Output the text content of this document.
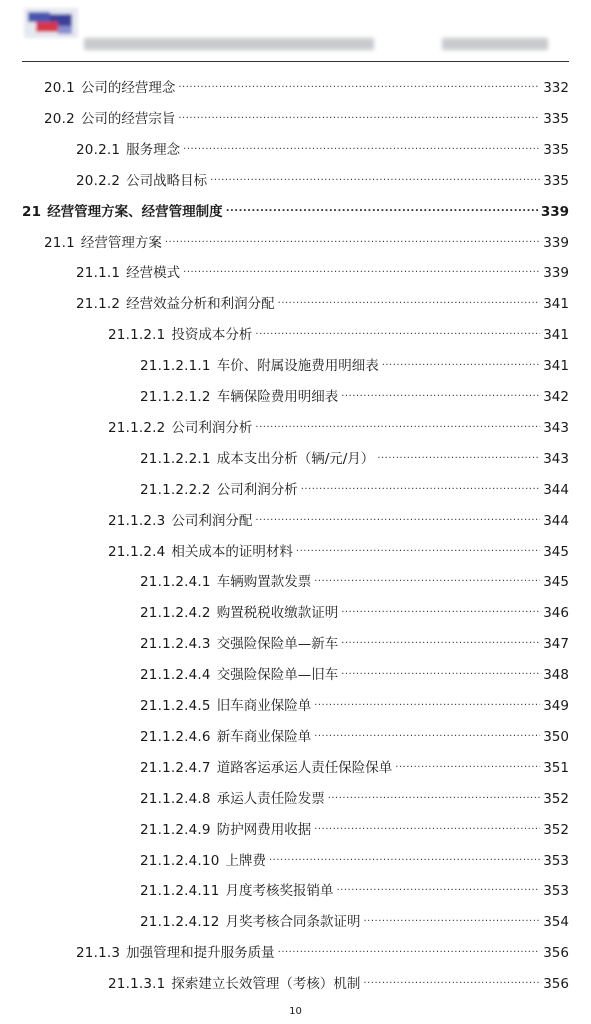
20.1 公司的经营理念 .....	332
20.2 公司的经营宗旨 .....	335
20.2.1 服务理念 .....	335
20.2.2 公司战略目标 .....	335
21 经营管理方案、经营管理制度 .....	339
21.1 经营管理方案 .....	339
21.1.1 经营模式 .....	339
21.1.2 经营效益分析和利润分配 .....	341
21.1.2.1 投资成本分析 .....	341
21.1.2.1.1 车价、附属设施费用明细表 .....	341
21.1.2.1.2 车辆保险费用明细表 .....	342
21.1.2.2 公司利润分析 .....	343
21.1.2.2.1 成本支出分析（辆/元/月） .....	343
21.1.2.2.2 公司利润分析 .....	344
21.1.2.3 公司利润分配 .....	344
21.1.2.4 相关成本的证明材料 .....	345
21.1.2.4.1 车辆购置款发票 .....	345
21.1.2.4.2 购置税税收缴款证明 .....	346
21.1.2.4.3 交强险保险单—新车 .....	347
21.1.2.4.4 交强险保险单—旧车 .....	348
21.1.2.4.5 旧车商业保险单 .....	349
21.1.2.4.6 新车商业保险单 .....	350
21.1.2.4.7 道路客运承运人责任保险保单 .....	351
21.1.2.4.8 承运人责任险发票 .....	352
21.1.2.4.9 防护网费用收据 .....	352
21.1.2.4.10 上牌费 .....	353
21.1.2.4.11 月度考核奖报销单 .....	353
21.1.2.4.12 月奖考核合同条款证明 .....	354
21.1.3 加强管理和提升服务质量 .....	356
21.1.3.1 探索建立长效管理（考核）机制 .....	356
10
